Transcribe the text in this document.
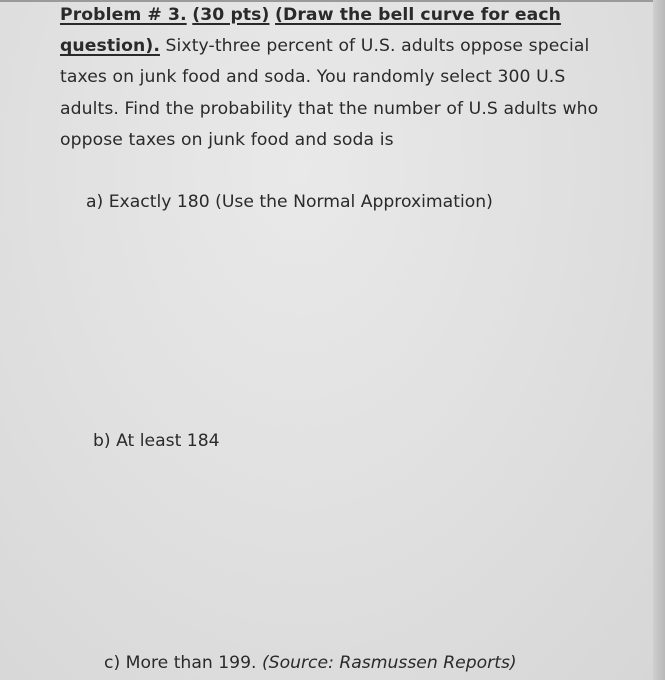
Problem # 3. (30 pts) (Draw the bell curve for each
question). Sixty-three percent of U.S. adults oppose special
taxes on junk food and soda. You randomly select 300 U.S
adults. Find the probability that the number of U.S adults who
oppose taxes on junk food and soda is
a) Exactly 180 (Use the Normal Approximation)
b) At least 184
c) More than 199. (Source: Rasmussen Reports)
